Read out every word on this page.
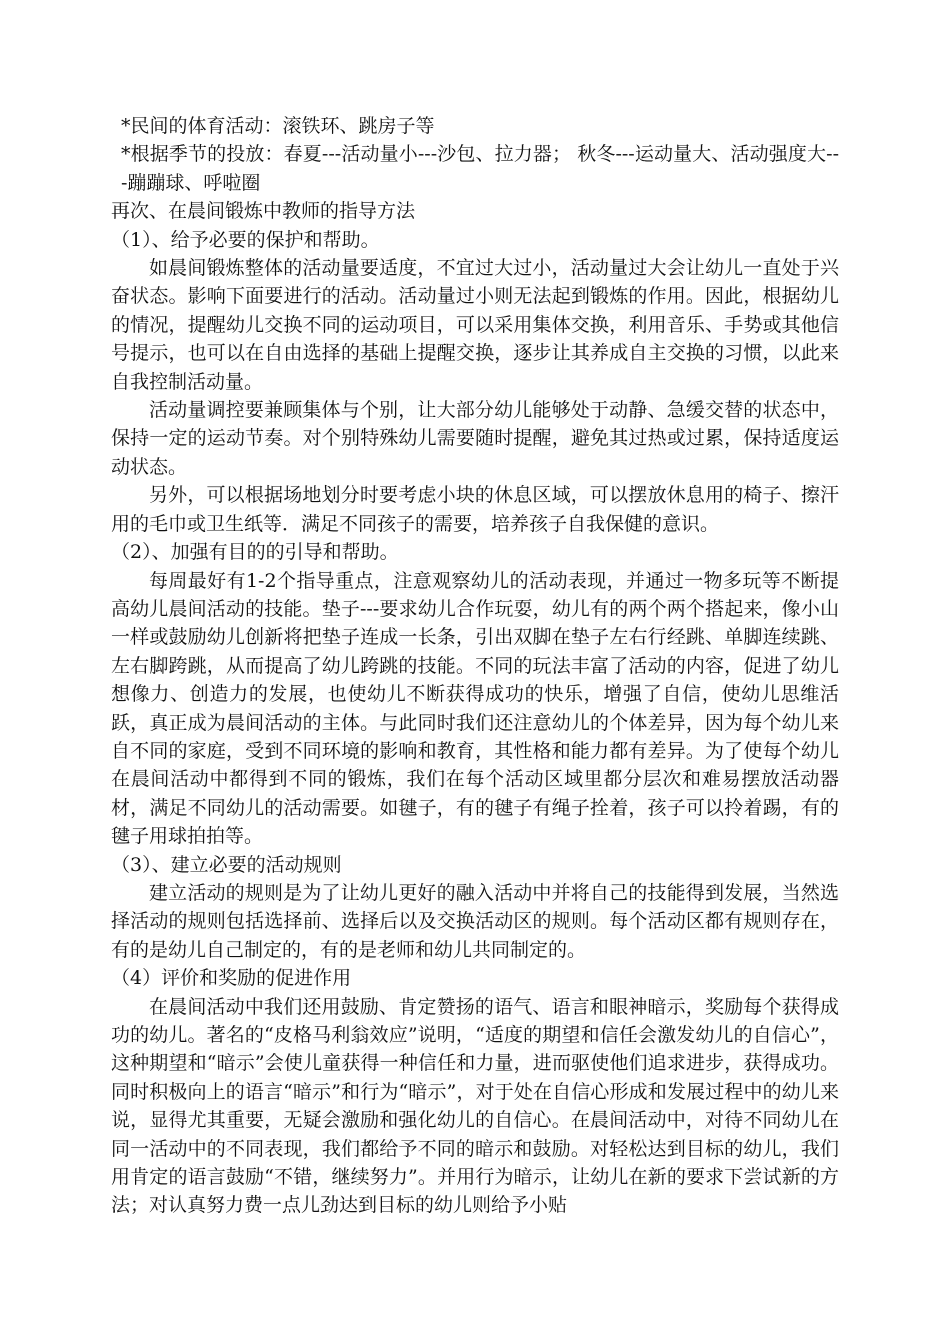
*民间的体育活动：滚铁环、跳房子等

*根据季节的投放：春夏---活动量小---沙包、拉力器； 秋冬---运动量大、活动强度大---蹦蹦球、呼啦圈

再次、在晨间锻炼中教师的指导方法

（1）、给予必要的保护和帮助。

如晨间锻炼整体的活动量要适度，不宜过大过小，活动量过大会让幼儿一直处于兴奋状态。影响下面要进行的活动。活动量过小则无法起到锻炼的作用。因此，根据幼儿的情况，提醒幼儿交换不同的运动项目，可以采用集体交换，利用音乐、手势或其他信号提示，也可以在自由选择的基础上提醒交换，逐步让其养成自主交换的习惯，以此来自我控制活动量。

活动量调控要兼顾集体与个别，让大部分幼儿能够处于动静、急缓交替的状态中，保持一定的运动节奏。对个别特殊幼儿需要随时提醒，避免其过热或过累，保持适度运动状态。

另外，可以根据场地划分时要考虑小块的休息区域，可以摆放休息用的椅子、擦汗用的毛巾或卫生纸等．满足不同孩子的需要，培养孩子自我保健的意识。

（2）、加强有目的的引导和帮助。

每周最好有1-2个指导重点，注意观察幼儿的活动表现，并通过一物多玩等不断提高幼儿晨间活动的技能。垫子---要求幼儿合作玩耍，幼儿有的两个两个搭起来，像小山一样或鼓励幼儿创新将把垫子连成一长条，引出双脚在垫子左右行经跳、单脚连续跳、左右脚跨跳，从而提高了幼儿跨跳的技能。不同的玩法丰富了活动的内容，促进了幼儿想像力、创造力的发展，也使幼儿不断获得成功的快乐，增强了自信，使幼儿思维活跃，真正成为晨间活动的主体。与此同时我们还注意幼儿的个体差异，因为每个幼儿来自不同的家庭，受到不同环境的影响和教育，其性格和能力都有差异。为了使每个幼儿在晨间活动中都得到不同的锻炼，我们在每个活动区域里都分层次和难易摆放活动器材，满足不同幼儿的活动需要。如毽子，有的毽子有绳子拴着，孩子可以拎着踢，有的毽子用球拍拍等。

（3）、建立必要的活动规则

建立活动的规则是为了让幼儿更好的融入活动中并将自己的技能得到发展，当然选择活动的规则包括选择前、选择后以及交换活动区的规则。每个活动区都有规则存在，有的是幼儿自己制定的，有的是老师和幼儿共同制定的。

（4）评价和奖励的促进作用

在晨间活动中我们还用鼓励、肯定赞扬的语气、语言和眼神暗示，奖励每个获得成功的幼儿。著名的“皮格马利翁效应”说明，“适度的期望和信任会激发幼儿的自信心”，这种期望和“暗示”会使儿童获得一种信任和力量，进而驱使他们追求进步，获得成功。同时积极向上的语言“暗示”和行为“暗示”，对于处在自信心形成和发展过程中的幼儿来说，显得尤其重要，无疑会激励和强化幼儿的自信心。在晨间活动中，对待不同幼儿在同一活动中的不同表现，我们都给予不同的暗示和鼓励。对轻松达到目标的幼儿，我们用肯定的语言鼓励“不错，继续努力”。并用行为暗示，让幼儿在新的要求下尝试新的方法；对认真努力费一点儿劲达到目标的幼儿则给予小贴
